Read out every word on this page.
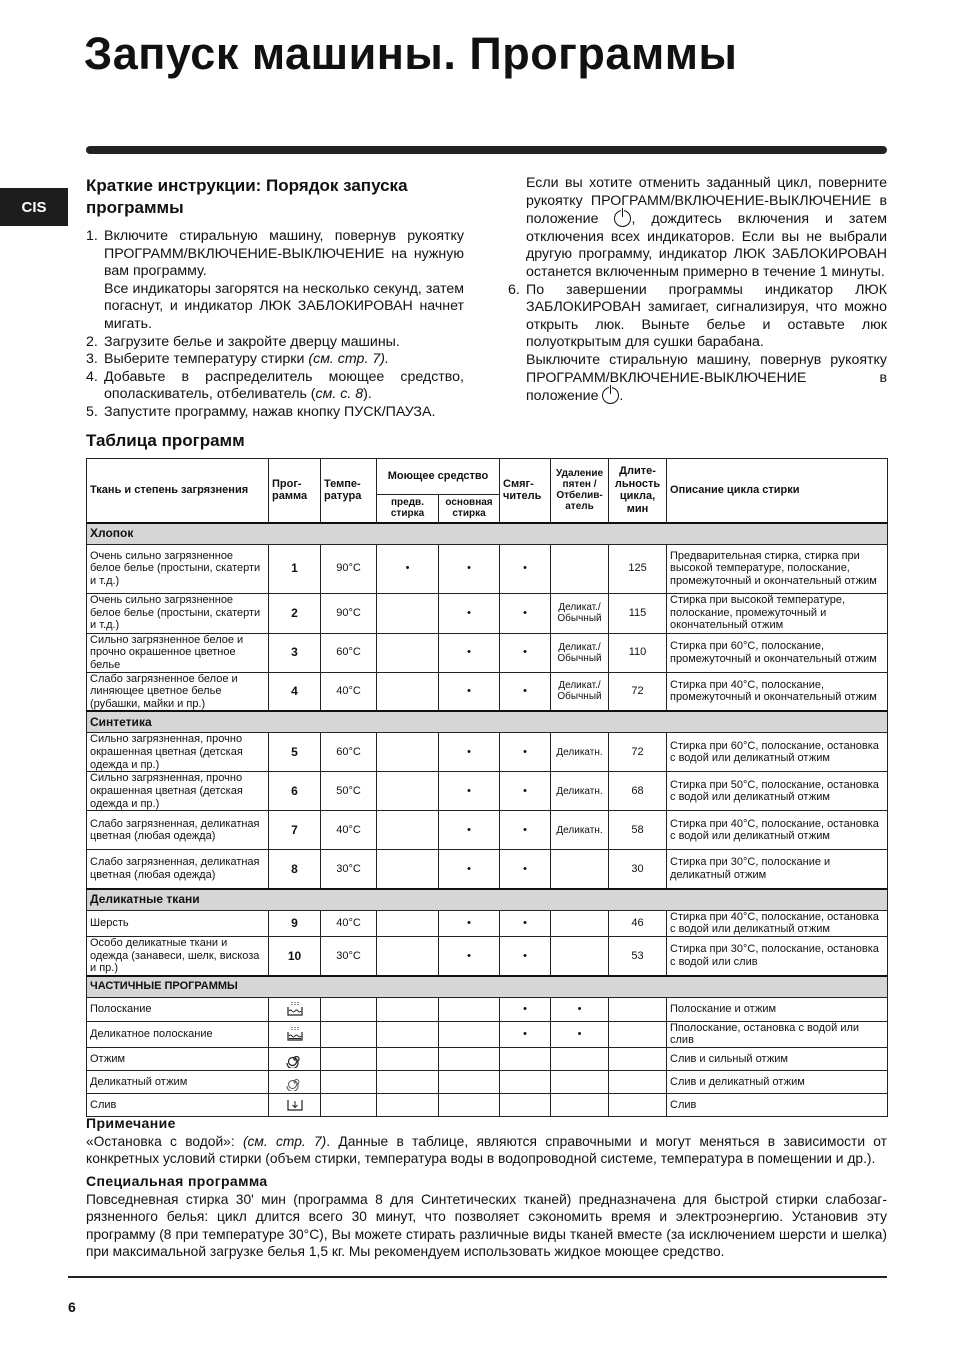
Запуск машины. Программы
CIS
Краткие инструкции: Порядок запуска программы
1. Включите стиральную машину, повернув рукоятку ПРОГРАММ/ВКЛЮЧЕНИЕ-ВЫКЛЮЧЕНИЕ на нужную вам программу.
Все индикаторы загорятся на несколько секунд, затем погаснут, и индикатор ЛЮК ЗАБЛОКИРОВАН начнет мигать.
2. Загрузите белье и закройте дверцу машины.
3. Выберите температуру стирки (см. стр. 7).
4. Добавьте в распределитель моющее средство, ополаскиватель, отбеливатель (см. с. 8).
5. Запустите программу, нажав кнопку ПУСК/ПАУЗА.
Если вы хотите отменить заданный цикл, поверните рукоятку ПРОГРАММ/ВКЛЮЧЕНИЕ-ВЫКЛЮЧЕНИЕ в положение , дождитесь включения и затем отключения всех индикаторов. Если вы не выбрали другую программу, индикатор ЛЮК ЗАБЛОКИРОВАН останется включенным примерно в течение 1 минуты.
6. По завершении программы индикатор ЛЮК ЗАБЛОКИРОВАН замигает, сигнализируя, что можно открыть люк. Выньте белье и оставьте люк полуоткрытым для сушки барабана.
Выключите стиральную машину, повернув рукоятку ПРОГРАММ/ВКЛЮЧЕНИЕ-ВЫКЛЮЧЕНИЕ в положение .
Таблица программ
Ткань и степень загрязнения	Прог-рамма	Темпе-ратура	Моющее средство		Смяг-читель	Удаление пятен / Отбелив-атель	Длите-льность цикла, мин	Описание цикла стирки
			предв. стирка	основная стирка				
Хлопок								
Очень сильно загрязненное белое белье (простыни, скатерти и т.д.)	1	90°С	•	•	•		125	Предварительная стирка, стирка при высокой температуре, полоскание, промежуточный и окончательный отжим
Очень сильно загрязненное белое белье (простыни, скатерти и т.д.)	2	90°С		•	•	Деликат./ Обычный	115	Стирка при высокой температуре, полоскание, промежуточный и окончательный отжим
Сильно загрязненное белое и прочно окрашенное цветное белье	3	60°С		•	•	Деликат./ Обычный	110	Стирка при 60°С, полоскание, промежуточный и окончательный отжим
Слабо загрязненное белое и линяющее цветное белье (рубашки, майки и пр.)	4	40°С		•	•	Деликат./ Обычный	72	Стирка при 40°С, полоскание, промежуточный и окончательный отжим
Синтетика								
Сильно загрязненная, прочно окрашенная цветная (детская одежда и пр.)	5	60°С		•	•	Деликатн.	72	Стирка при 60°С, полоскание, остановка с водой или деликатный отжим
Сильно загрязненная, прочно окрашенная цветная (детская одежда и пр.)	6	50°С		•	•	Деликатн.	68	Стирка при 50°С, полоскание, остановка с водой или деликатный отжим
Слабо загрязненная, деликатная цветная (любая одежда)	7	40°С		•	•	Деликатн.	58	Стирка при 40°С, полоскание, остановка с водой или деликатный отжим
Слабо загрязненная, деликатная цветная (любая одежда)	8	30°С		•	•		30	Стирка при 30°С, полоскание и деликатный отжим
Деликатные ткани								
Шерсть	9	40°С		•	•		46	Стирка при 40°С, полоскание, остановка с водой или деликатный отжим
Особо деликатные ткани и одежда (занавеси, шелк, вискоза и пр.)	10	30°С		•	•		53	Стирка при 30°С, полоскание, остановка с водой или слив
ЧАСТИЧНЫЕ ПРОГРАММЫ								
Полоскание					•	•		Полоскание и отжим
Деликатное полоскание					•	•		Пполоскание, остановка с водой или слив
Отжим								Слив и сильный отжим
Деликатный отжим								Слив и деликатный отжим
Слив								Слив

Примечание

«Остановка с водой»: (см. стр. 7). Данные в таблице, являются справочными и могут меняться в зависимости от конкретных условий стирки (объем стирки, температура воды в водопроводной системе, температура в помещении и др.).

Специальная программа

Повседневная стирка 30' мин (программа 8 для Синтетических тканей) предназначена для быстрой стирки слабозаг-рязненного белья: цикл длится всего 30 минут, что позволяет сэкономить время и электроэнергию. Установив эту программу (8 при температуре 30°С), Вы можете стирать различные виды тканей вместе (за исключением шерсти и шелка) при максимальной загрузке белья 1,5 кг. Мы рекомендуем использовать жидкое моющее средство.

6
